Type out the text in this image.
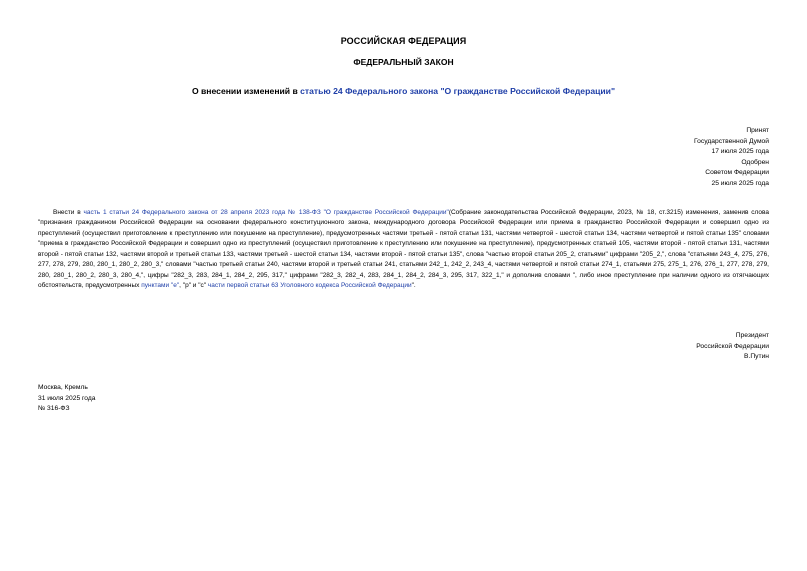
РОССИЙСКАЯ ФЕДЕРАЦИЯ
ФЕДЕРАЛЬНЫЙ ЗАКОН
О внесении изменений в статью 24 Федерального закона "О гражданстве Российской Федерации"
Принят
Государственной Думой
17 июля 2025 года
Одобрен
Советом Федерации
25 июля 2025 года
Внести в часть 1 статьи 24 Федерального закона от 28 апреля 2023 года № 138-ФЗ "О гражданстве Российской Федерации"(Собрание законодательства Российской Федерации, 2023, № 18, ст.3215) изменения, заменив слова "признания гражданином Российской Федерации на основании федерального конституционного закона, международного договора Российской Федерации или приема в гражданство Российской Федерации и совершил одно из преступлений (осуществил приготовление к преступлению или покушение на преступление), предусмотренных частями третьей - пятой статьи 131, частями четвертой - шестой статьи 134, частями четвертой и пятой статьи 135" словами "приема в гражданство Российской Федерации и совершил одно из преступлений (осуществил приготовление к преступлению или покушение на преступление), предусмотренных статьей 105, частями второй - пятой статьи 131, частями второй - пятой статьи 132, частями второй и третьей статьи 133, частями третьей - шестой статьи 134, частями второй - пятой статьи 135", слова "частью второй статьи 205_2, статьями" цифрами "205_2,", слова "статьями 243_4, 275, 276, 277, 278, 279, 280, 280_1, 280_2, 280_3," словами "частью третьей статьи 240, частями второй и третьей статьи 241, статьями 242_1, 242_2, 243_4, частями четвертой и пятой статьи 274_1, статьями 275, 275_1, 276, 276_1, 277, 278, 279, 280, 280_1, 280_2, 280_3, 280_4,", цифры "282_3, 283, 284_1, 284_2, 295, 317," цифрами "282_3, 282_4, 283, 284_1, 284_2, 284_3, 295, 317, 322_1," и дополнив словами ", либо иное преступление при наличии одного из отягчающих обстоятельств, предусмотренных пунктами "е", "р" и "с" части первой статьи 63 Уголовного кодекса Российской Федерации".
Президент
Российской Федерации
В.Путин
Москва, Кремль
31 июля 2025 года
№ 316-ФЗ
